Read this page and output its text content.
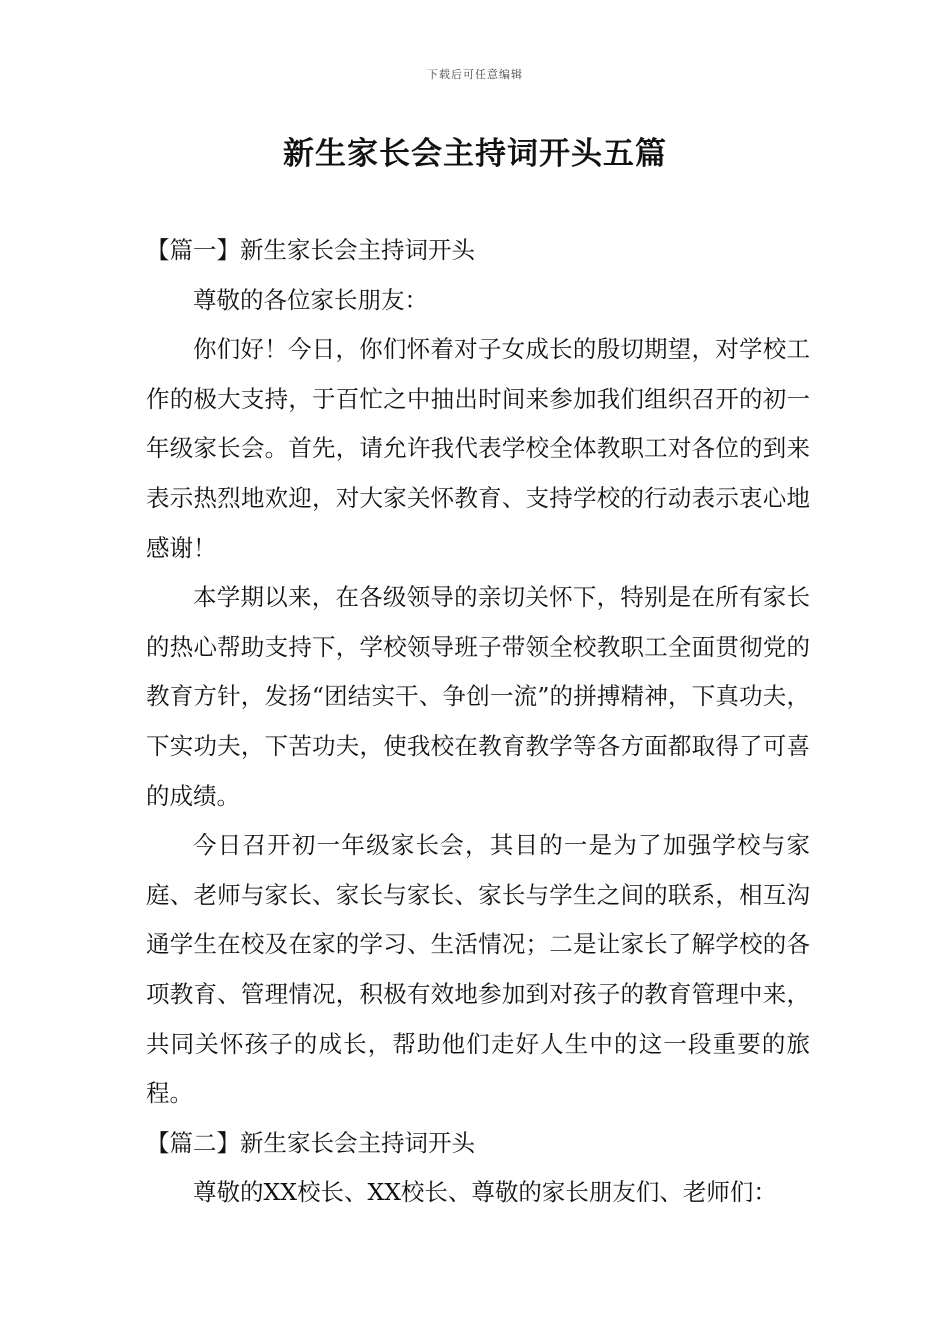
下载后可任意编辑
新生家长会主持词开头五篇

【篇一】新生家长会主持词开头

尊敬的各位家长朋友：

你们好！今日，你们怀着对子女成长的殷切期望，对学校工作的极大支持，于百忙之中抽出时间来参加我们组织召开的初一年级家长会。首先，请允许我代表学校全体教职工对各位的到来表示热烈地欢迎，对大家关怀教育、支持学校的行动表示衷心地感谢！

本学期以来，在各级领导的亲切关怀下，特别是在所有家长的热心帮助支持下，学校领导班子带领全校教职工全面贯彻党的教育方针，发扬“团结实干、争创一流”的拼搏精神，下真功夫，下实功夫，下苦功夫，使我校在教育教学等各方面都取得了可喜的成绩。

今日召开初一年级家长会，其目的一是为了加强学校与家庭、老师与家长、家长与家长、家长与学生之间的联系，相互沟通学生在校及在家的学习、生活情况；二是让家长了解学校的各项教育、管理情况，积极有效地参加到对孩子的教育管理中来，共同关怀孩子的成长，帮助他们走好人生中的这一段重要的旅程。

【篇二】新生家长会主持词开头

尊敬的XX校长、XX校长、尊敬的家长朋友们、老师们：
